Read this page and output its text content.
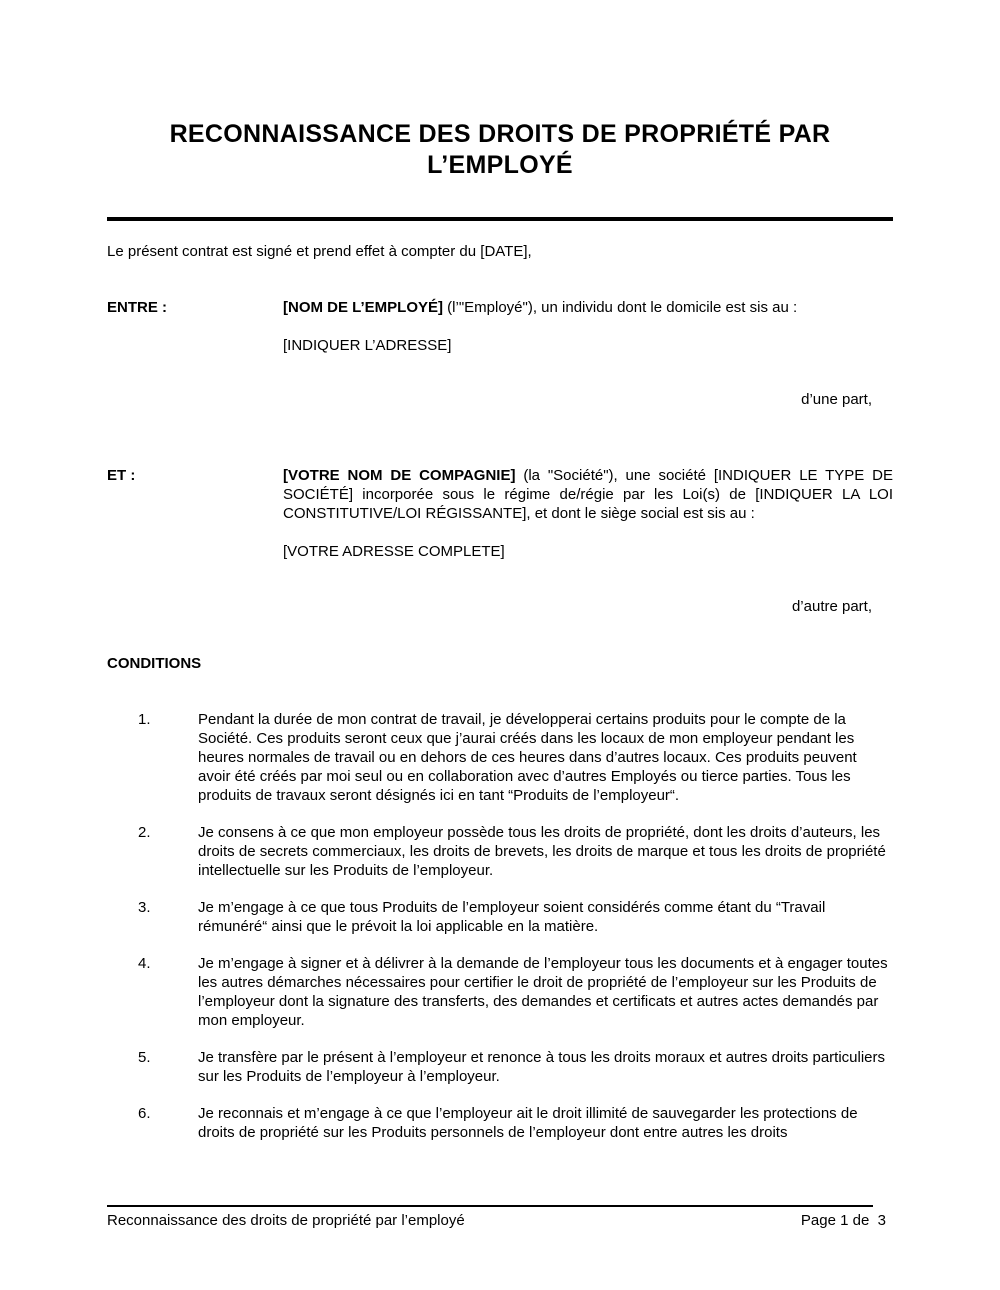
RECONNAISSANCE DES DROITS DE PROPRIÉTÉ PAR L’EMPLOYÉ

Le présent contrat est signé et prend effet à compter du [DATE],

ENTRE :	[NOM DE L’EMPLOYÉ] (l’"Employé"), un individu dont le domicile est sis au :

[INDIQUER L’ADRESSE]

d’une part,

ET :	[VOTRE NOM DE COMPAGNIE] (la "Société"), une société [INDIQUER LE TYPE DE SOCIÉTÉ] incorporée sous le régime de/régie par les Loi(s) de [INDIQUER LA LOI CONSTITUTIVE/LOI RÉGISSANTE], et dont le siège social est sis au :

[VOTRE ADRESSE COMPLETE]

d’autre part,

CONDITIONS
1.	Pendant la durée de mon contrat de travail, je développerai certains produits pour le compte de la Société. Ces produits seront ceux que j’aurai créés dans les locaux de mon employeur pendant les heures normales de travail ou en dehors de ces heures dans d’autres locaux. Ces produits peuvent avoir été créés par moi seul ou en collaboration avec d’autres Employés ou tierce parties. Tous les produits de travaux seront désignés ici en tant “Produits de l’employeur“.

2.	Je consens à ce que mon employeur possède tous les droits de propriété, dont les droits d’auteurs, les droits de secrets commerciaux, les droits de brevets, les droits de marque et tous les droits de propriété intellectuelle sur les Produits de l’employeur.

3.	Je m’engage à ce que tous Produits de l’employeur soient considérés comme étant du “Travail rémunéré“ ainsi que le prévoit la loi applicable en la matière.

4.	Je m’engage à signer et à délivrer à la demande de l’employeur tous les documents et à engager toutes les autres démarches nécessaires pour certifier le droit de propriété de l’employeur sur les Produits de l’employeur dont la signature des transferts, des demandes et certificats et autres actes demandés par mon employeur.

5.	Je transfère par le présent à l’employeur et renonce à tous les droits moraux et autres droits particuliers sur les Produits de l’employeur à l’employeur.

6.	Je reconnais et m’engage à ce que l’employeur ait le droit illimité de sauvegarder les protections de droits de propriété sur les Produits personnels de l’employeur dont entre autres les droits

Reconnaissance des droits de propriété par l’employé	Page 1 de  3
